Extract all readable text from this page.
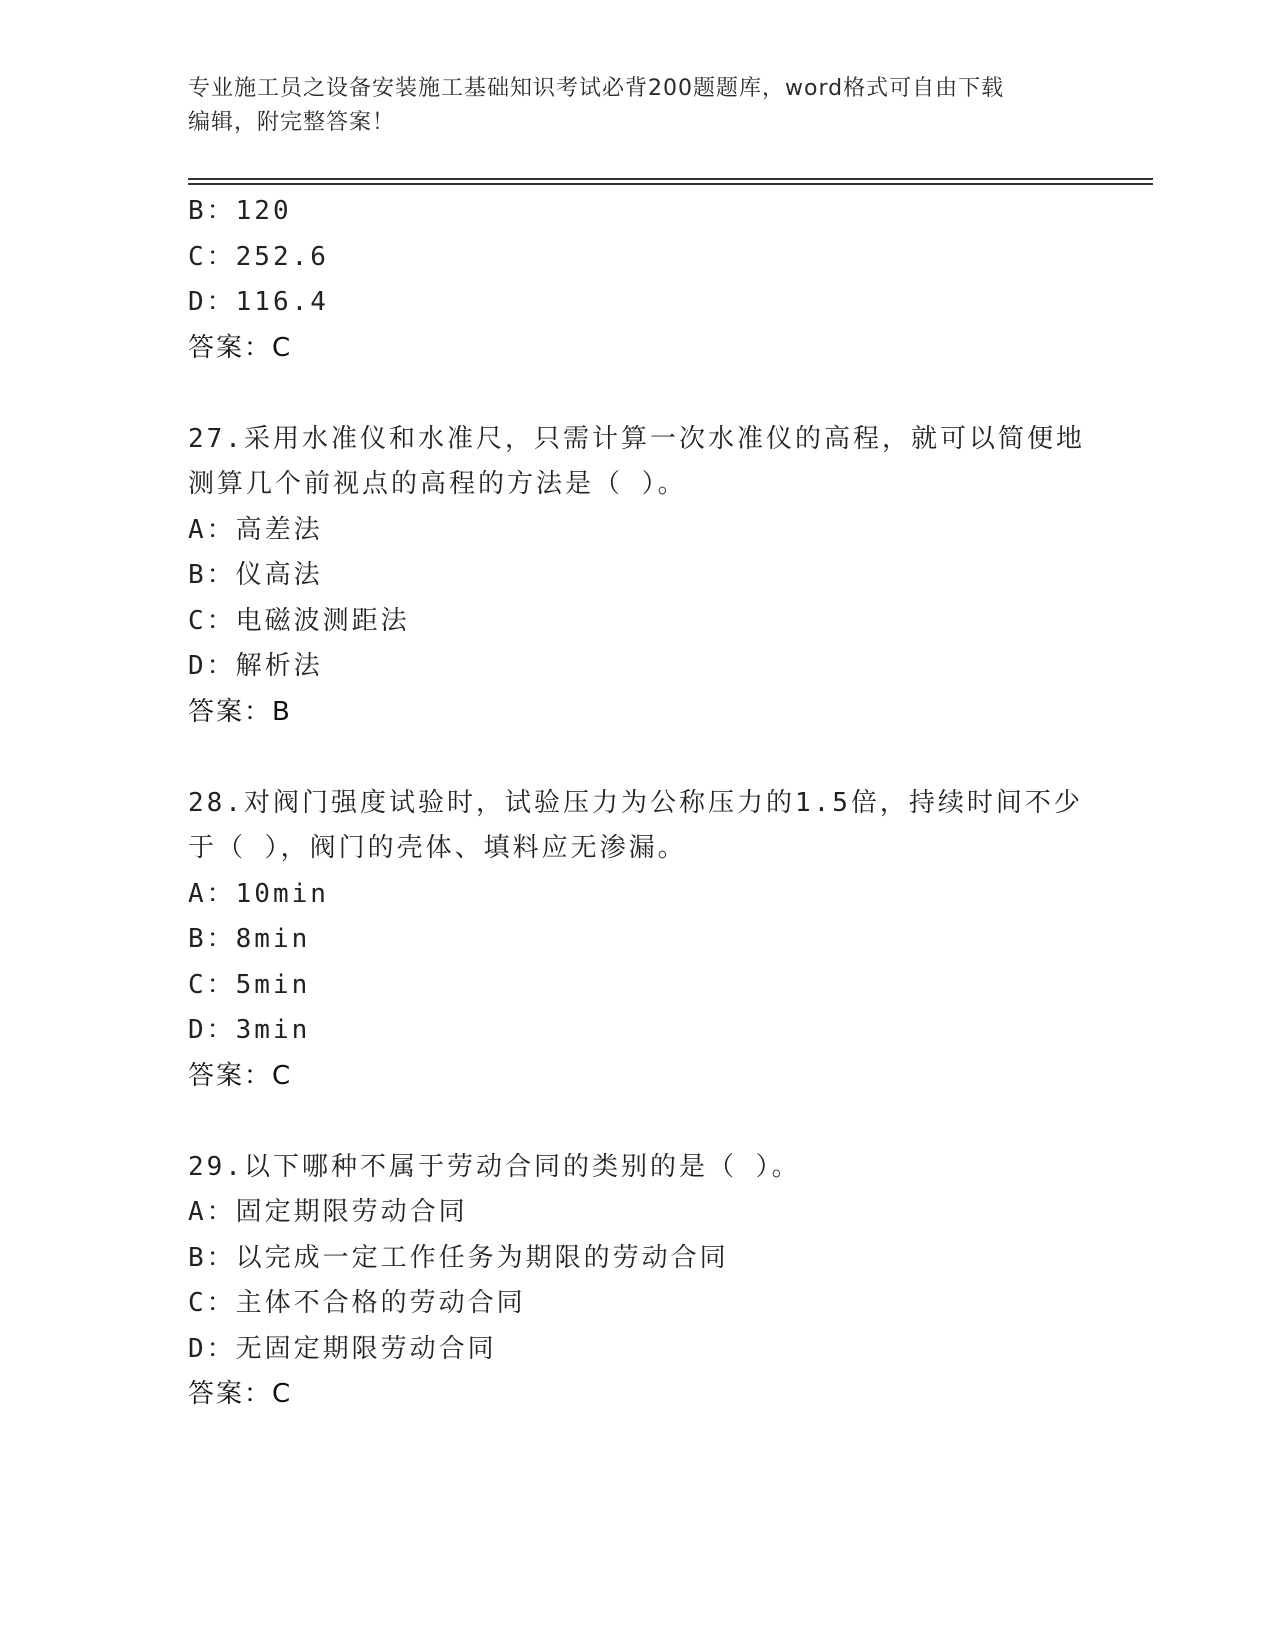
专业施工员之设备安装施工基础知识考试必背200题题库，word格式可自由下载
编辑，附完整答案！
B：120
C：252.6
D：116.4
答案：C
27.采用水准仪和水准尺，只需计算一次水准仪的高程，就可以简便地
测算几个前视点的高程的方法是（ ）。
A：高差法
B：仪高法
C：电磁波测距法
D：解析法
答案：B
28.对阀门强度试验时，试验压力为公称压力的1.5倍，持续时间不少
于（ ），阀门的壳体、填料应无渗漏。
A：10min
B：8min
C：5min
D：3min
答案：C
29.以下哪种不属于劳动合同的类别的是（ ）。
A：固定期限劳动合同
B：以完成一定工作任务为期限的劳动合同
C：主体不合格的劳动合同
D：无固定期限劳动合同
答案：C
